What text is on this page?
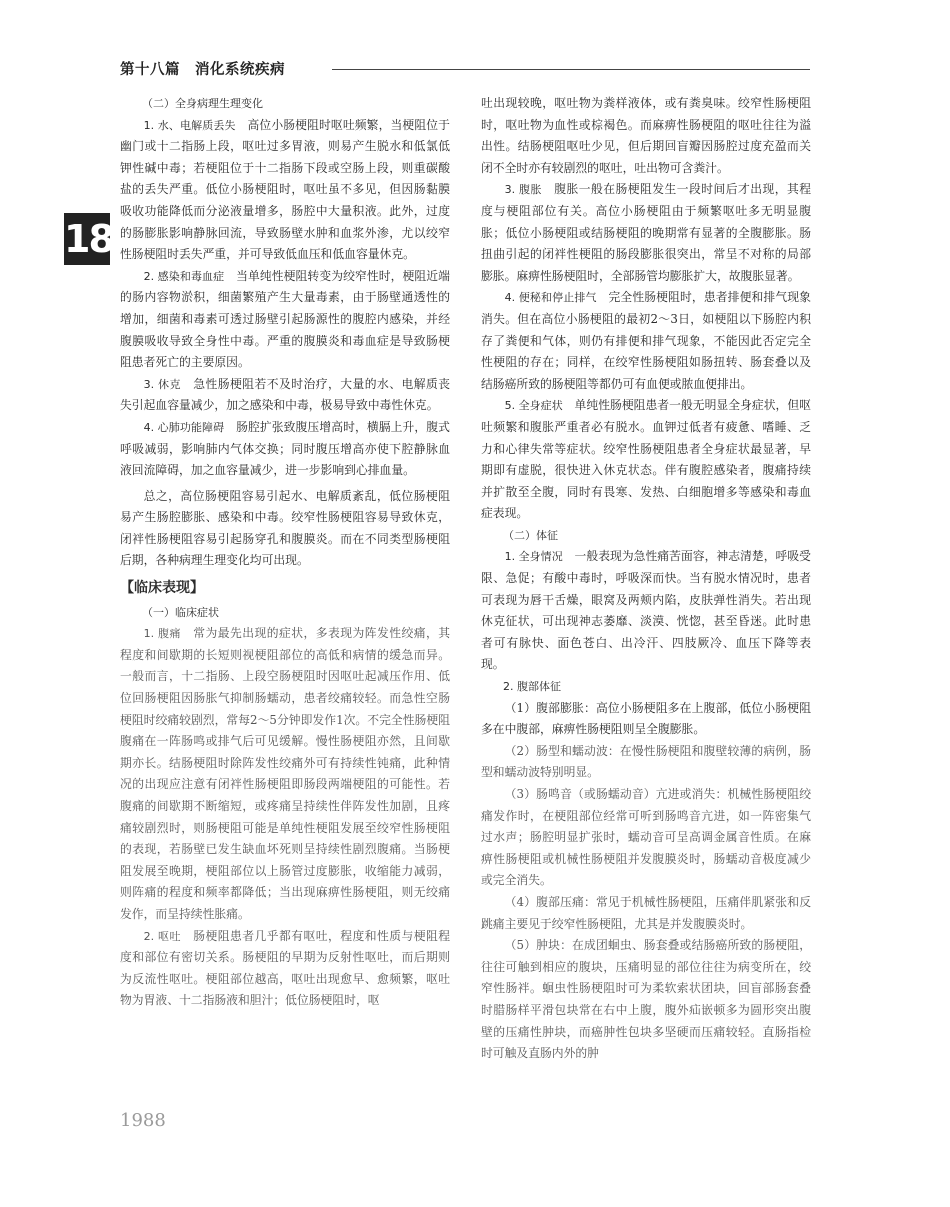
第十八篇　消化系统疾病
18

（二）全身病理生理变化

1. 水、电解质丢失　高位小肠梗阻时呕吐频繁，当梗阻位于幽门或十二指肠上段，呕吐过多胃液，则易产生脱水和低氯低钾性碱中毒；若梗阻位于十二指肠下段或空肠上段，则重碳酸盐的丢失严重。低位小肠梗阻时，呕吐虽不多见，但因肠黏膜吸收功能降低而分泌液量增多，肠腔中大量积液。此外，过度的肠膨胀影响静脉回流，导致肠壁水肿和血浆外渗，尤以绞窄性肠梗阻时丢失严重，并可导致低血压和低血容量休克。

2. 感染和毒血症　当单纯性梗阻转变为绞窄性时，梗阻近端的肠内容物淤积，细菌繁殖产生大量毒素，由于肠壁通透性的增加，细菌和毒素可透过肠壁引起肠源性的腹腔内感染，并经腹膜吸收导致全身性中毒。严重的腹膜炎和毒血症是导致肠梗阻患者死亡的主要原因。

3. 休克　急性肠梗阻若不及时治疗，大量的水、电解质丧失引起血容量减少，加之感染和中毒，极易导致中毒性休克。

4. 心肺功能障碍　肠腔扩张致腹压增高时，横膈上升，腹式呼吸减弱，影响肺内气体交换；同时腹压增高亦使下腔静脉血液回流障碍，加之血容量减少，进一步影响到心排血量。

总之，高位肠梗阻容易引起水、电解质紊乱，低位肠梗阻易产生肠腔膨胀、感染和中毒。绞窄性肠梗阻容易导致休克，闭袢性肠梗阻容易引起肠穿孔和腹膜炎。而在不同类型肠梗阻后期，各种病理生理变化均可出现。

【临床表现】

（一）临床症状

1. 腹痛　常为最先出现的症状，多表现为阵发性绞痛，其程度和间歇期的长短则视梗阻部位的高低和病情的缓急而异。一般而言，十二指肠、上段空肠梗阻时因呕吐起减压作用、低位回肠梗阻因肠胀气抑制肠蠕动，患者绞痛较轻。而急性空肠梗阻时绞痛较剧烈，常每2～5分钟即发作1次。不完全性肠梗阻腹痛在一阵肠鸣或排气后可见缓解。慢性肠梗阻亦然，且间歇期亦长。结肠梗阻时除阵发性绞痛外可有持续性钝痛，此种情况的出现应注意有闭袢性肠梗阻即肠段两端梗阻的可能性。若腹痛的间歇期不断缩短，或疼痛呈持续性伴阵发性加剧，且疼痛较剧烈时，则肠梗阻可能是单纯性梗阻发展至绞窄性肠梗阻的表现，若肠壁已发生缺血坏死则呈持续性剧烈腹痛。当肠梗阻发展至晚期，梗阻部位以上肠管过度膨胀，收缩能力减弱，则阵痛的程度和频率都降低；当出现麻痹性肠梗阻，则无绞痛发作，而呈持续性胀痛。

2. 呕吐　肠梗阻患者几乎都有呕吐，程度和性质与梗阻程度和部位有密切关系。肠梗阻的早期为反射性呕吐，而后期则为反流性呕吐。梗阻部位越高，呕吐出现愈早、愈频繁，呕吐物为胃液、十二指肠液和胆汁；低位肠梗阻时，呕

吐出现较晚，呕吐物为粪样液体，或有粪臭味。绞窄性肠梗阻时，呕吐物为血性或棕褐色。而麻痹性肠梗阻的呕吐往往为溢出性。结肠梗阻呕吐少见，但后期回盲瓣因肠腔过度充盈而关闭不全时亦有较剧烈的呕吐，吐出物可含粪汁。

3. 腹胀　腹胀一般在肠梗阻发生一段时间后才出现，其程度与梗阻部位有关。高位小肠梗阻由于频繁呕吐多无明显腹胀；低位小肠梗阻或结肠梗阻的晚期常有显著的全腹膨胀。肠扭曲引起的闭袢性梗阻的肠段膨胀很突出，常呈不对称的局部膨胀。麻痹性肠梗阻时，全部肠管均膨胀扩大，故腹胀显著。

4. 便秘和停止排气　完全性肠梗阻时，患者排便和排气现象消失。但在高位小肠梗阻的最初2～3日，如梗阻以下肠腔内积存了粪便和气体，则仍有排便和排气现象，不能因此否定完全性梗阻的存在；同样，在绞窄性肠梗阻如肠扭转、肠套叠以及结肠癌所致的肠梗阻等都仍可有血便或脓血便排出。

5. 全身症状　单纯性肠梗阻患者一般无明显全身症状，但呕吐频繁和腹胀严重者必有脱水。血钾过低者有疲惫、嗜睡、乏力和心律失常等症状。绞窄性肠梗阻患者全身症状最显著，早期即有虚脱，很快进入休克状态。伴有腹腔感染者，腹痛持续并扩散至全腹，同时有畏寒、发热、白细胞增多等感染和毒血症表现。

（二）体征

1. 全身情况　一般表现为急性痛苦面容，神志清楚，呼吸受限、急促；有酸中毒时，呼吸深而快。当有脱水情况时，患者可表现为唇干舌燥，眼窝及两颊内陷，皮肤弹性消失。若出现休克征状，可出现神志萎靡、淡漠、恍惚，甚至昏迷。此时患者可有脉快、面色苍白、出冷汗、四肢厥冷、血压下降等表现。

2. 腹部体征

（1）腹部膨胀：高位小肠梗阻多在上腹部，低位小肠梗阻多在中腹部，麻痹性肠梗阻则呈全腹膨胀。

（2）肠型和蠕动波：在慢性肠梗阻和腹壁较薄的病例，肠型和蠕动波特别明显。

（3）肠鸣音（或肠蠕动音）亢进或消失：机械性肠梗阻绞痛发作时，在梗阻部位经常可听到肠鸣音亢进，如一阵密集气过水声；肠腔明显扩张时，蠕动音可呈高调金属音性质。在麻痹性肠梗阻或机械性肠梗阻并发腹膜炎时，肠蠕动音极度减少或完全消失。

（4）腹部压痛：常见于机械性肠梗阻，压痛伴肌紧张和反跳痛主要见于绞窄性肠梗阻，尤其是并发腹膜炎时。

（5）肿块：在成团蛔虫、肠套叠或结肠癌所致的肠梗阻，往往可触到相应的腹块，压痛明显的部位往往为病变所在，绞窄性肠袢。蛔虫性肠梗阻时可为柔软索状团块，回盲部肠套叠时腊肠样平滑包块常在右中上腹，腹外疝嵌顿多为圆形突出腹壁的压痛性肿块，而癌肿性包块多坚硬而压痛较轻。直肠指检时可触及直肠内外的肿

1988
